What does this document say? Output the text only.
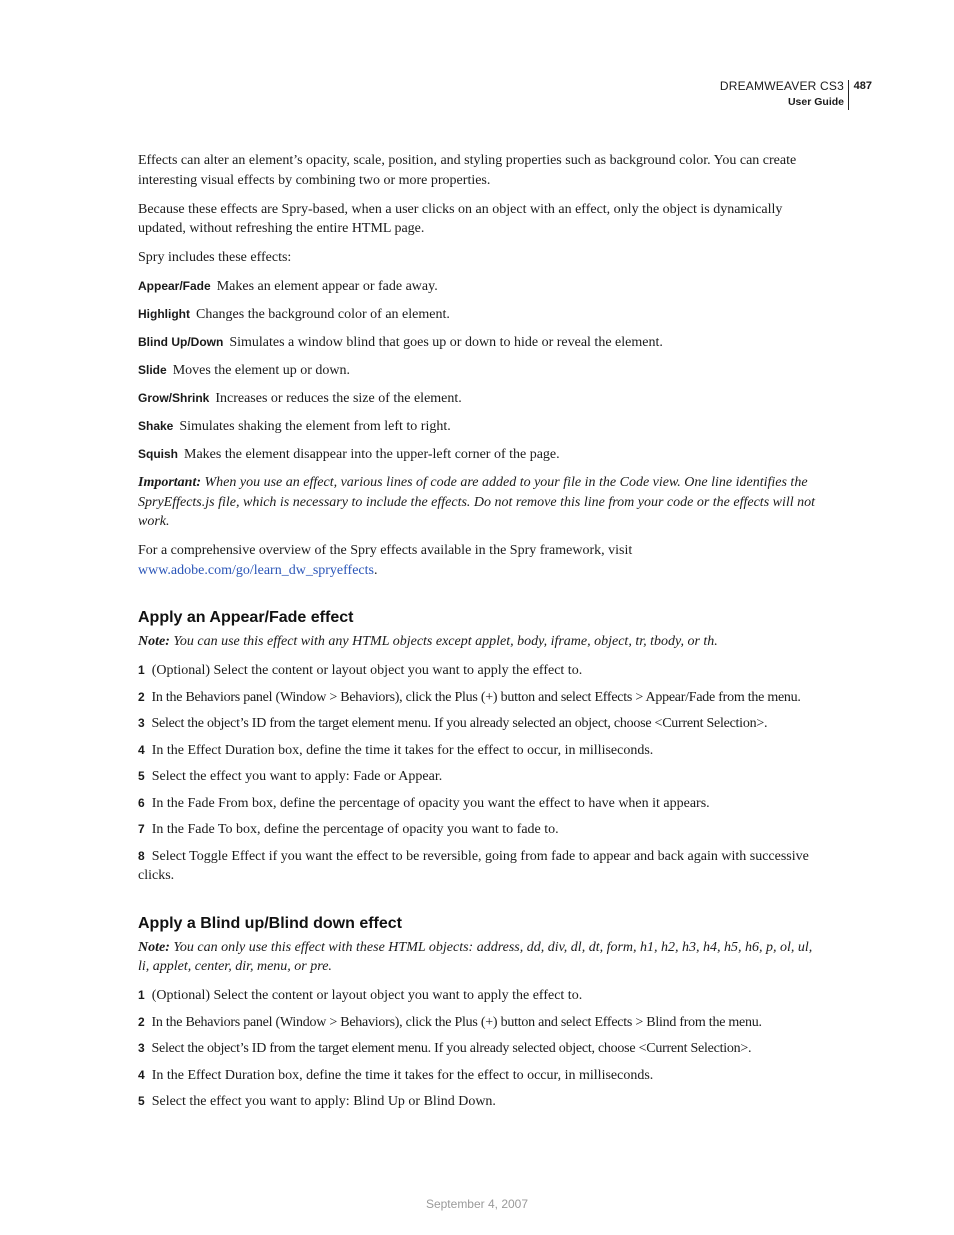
DREAMWEAVER CS3
User Guide
487

Effects can alter an element’s opacity, scale, position, and styling properties such as background color. You can create interesting visual effects by combining two or more properties.

Because these effects are Spry-based, when a user clicks on an object with an effect, only the object is dynamically updated, without refreshing the entire HTML page.

Spry includes these effects:

Appear/Fade Makes an element appear or fade away.

Highlight Changes the background color of an element.

Blind Up/Down Simulates a window blind that goes up or down to hide or reveal the element.

Slide Moves the element up or down.

Grow/Shrink Increases or reduces the size of the element.

Shake Simulates shaking the element from left to right.

Squish Makes the element disappear into the upper-left corner of the page.

Important: When you use an effect, various lines of code are added to your file in the Code view. One line identifies the SpryEffects.js file, which is necessary to include the effects. Do not remove this line from your code or the effects will not work.

For a comprehensive overview of the Spry effects available in the Spry framework, visit
www.adobe.com/go/learn_dw_spryeffects.

Apply an Appear/Fade effect

Note: You can use this effect with any HTML objects except applet, body, iframe, object, tr, tbody, or th.

1 (Optional) Select the content or layout object you want to apply the effect to.

2 In the Behaviors panel (Window > Behaviors), click the Plus (+) button and select Effects > Appear/Fade from the menu.

3 Select the object’s ID from the target element menu. If you already selected an object, choose <Current Selection>.

4 In the Effect Duration box, define the time it takes for the effect to occur, in milliseconds.

5 Select the effect you want to apply: Fade or Appear.

6 In the Fade From box, define the percentage of opacity you want the effect to have when it appears.

7 In the Fade To box, define the percentage of opacity you want to fade to.

8 Select Toggle Effect if you want the effect to be reversible, going from fade to appear and back again with successive clicks.

Apply a Blind up/Blind down effect

Note: You can only use this effect with these HTML objects: address, dd, div, dl, dt, form, h1, h2, h3, h4, h5, h6, p, ol, ul, li, applet, center, dir, menu, or pre.

1 (Optional) Select the content or layout object you want to apply the effect to.

2 In the Behaviors panel (Window > Behaviors), click the Plus (+) button and select Effects > Blind from the menu.

3 Select the object’s ID from the target element menu. If you already selected object, choose <Current Selection>.

4 In the Effect Duration box, define the time it takes for the effect to occur, in milliseconds.

5 Select the effect you want to apply: Blind Up or Blind Down.

September 4, 2007
